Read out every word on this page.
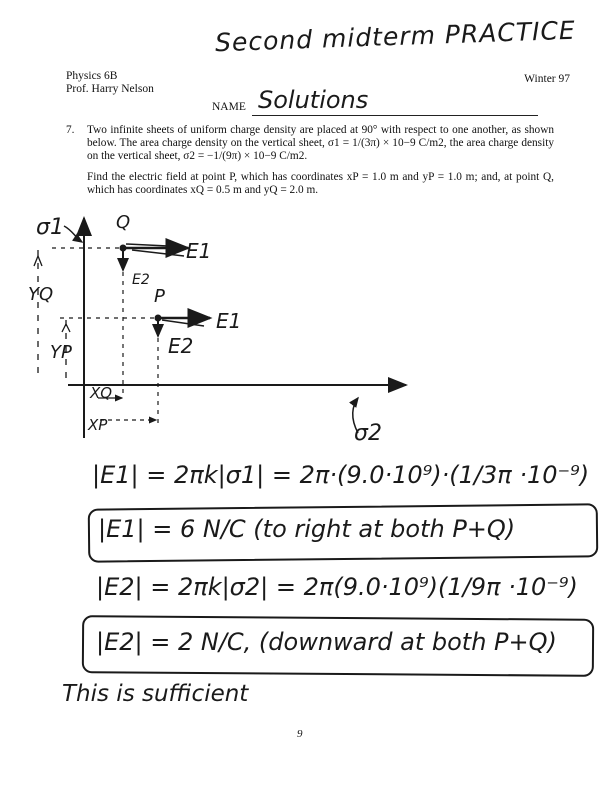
Second midterm PRACTICE
Physics 6B
Prof. Harry Nelson
Winter 97
NAME Solutions
7. Two infinite sheets of uniform charge density are placed at 90° with respect to one another, as shown below. The area charge density on the vertical sheet, σ1 = 1/(3π) × 10−9 C/m2, the area charge density on the vertical sheet, σ2 = −1/(9π) × 10−9 C/m2.

Find the electric field at point P, which has coordinates xP = 1.0 m and yP = 1.0 m; and, at point Q, which has coordinates xQ = 0.5 m and yQ = 2.0 m.

σ1
σ2
Q
P
E1
E2
E1
E2
YQ
YP
XQ
XP
|E1| = 2πk|σ1| = 2π·(9.0·10⁹)·(1/3π ·10⁻⁹)
|E1| = 6 N/C (to right at both P+Q)
|E2| = 2πk|σ2| = 2π(9.0·10⁹)(1/9π ·10⁻⁹)
|E2| = 2 N/C, (downward at both P+Q)
This is sufficient
9
